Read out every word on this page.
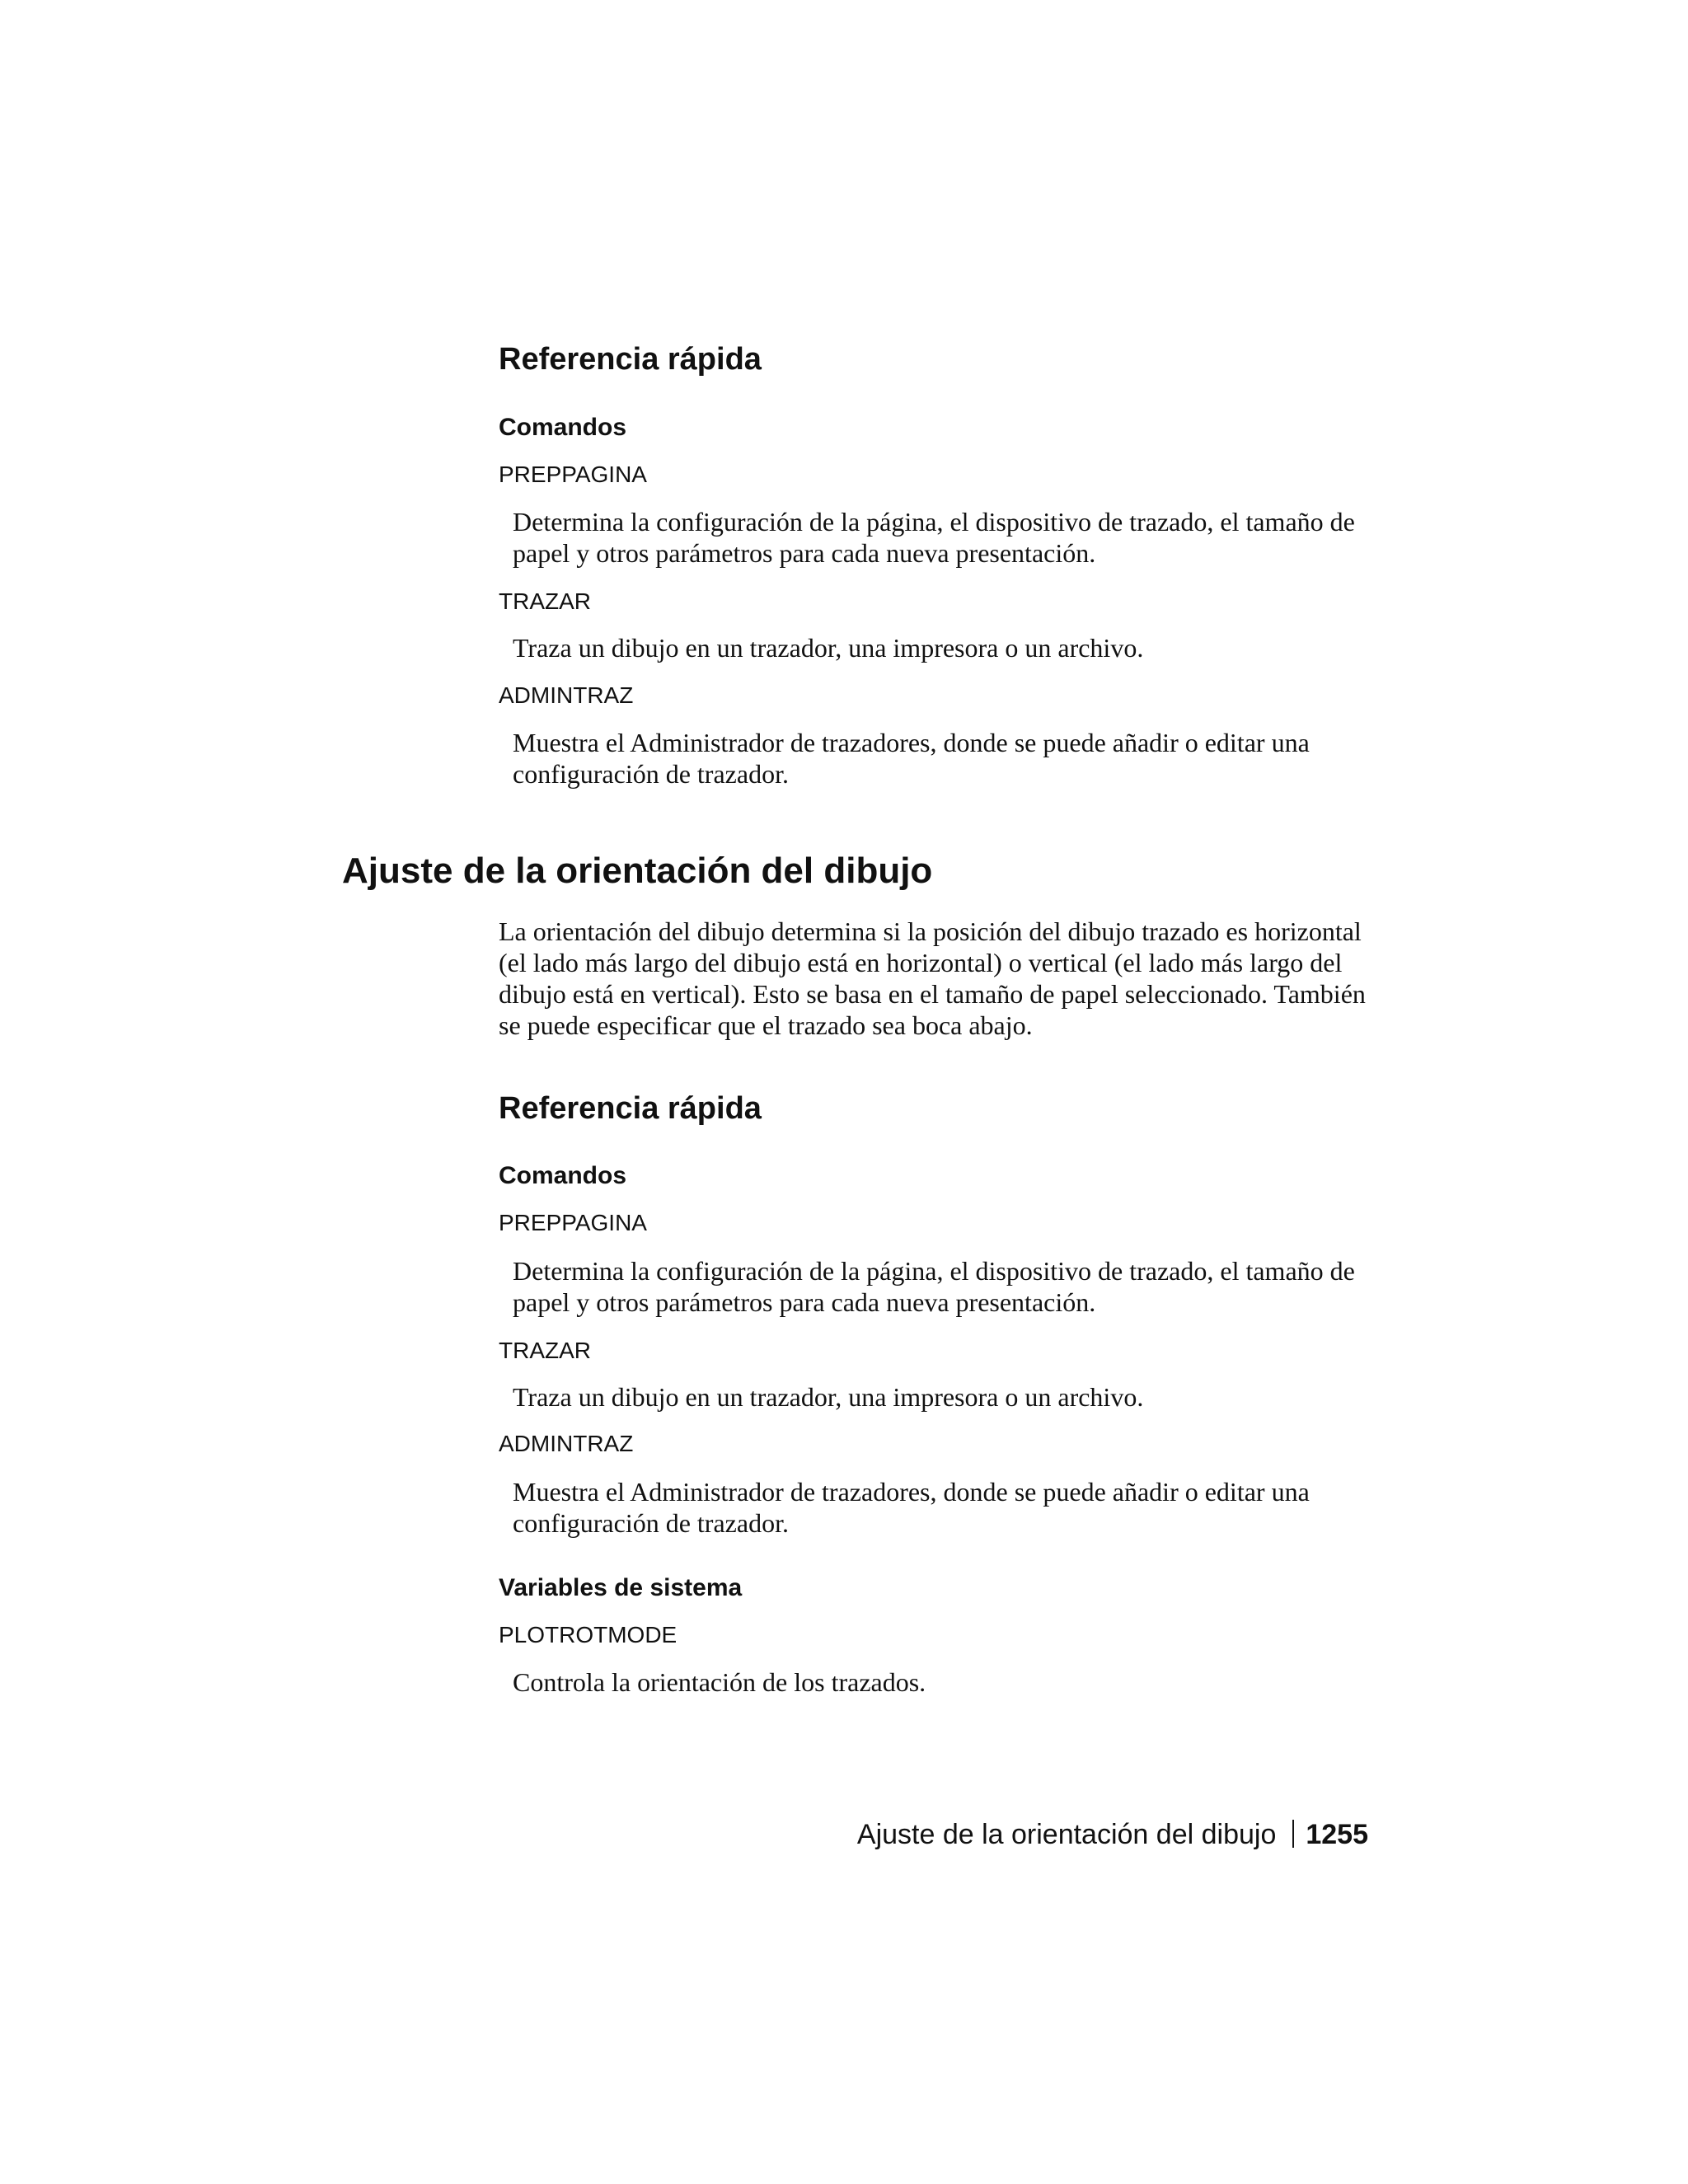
Referencia rápida
Comandos

PREPPAGINA

Determina la configuración de la página, el dispositivo de trazado, el tamaño de papel y otros parámetros para cada nueva presentación.

TRAZAR

Traza un dibujo en un trazador, una impresora o un archivo.

ADMINTRAZ

Muestra el Administrador de trazadores, donde se puede añadir o editar una configuración de trazador.

Ajuste de la orientación del dibujo

La orientación del dibujo determina si la posición del dibujo trazado es horizontal (el lado más largo del dibujo está en horizontal) o vertical (el lado más largo del dibujo está en vertical). Esto se basa en el tamaño de papel seleccionado. También se puede especificar que el trazado sea boca abajo.

Referencia rápida
Comandos

PREPPAGINA

Determina la configuración de la página, el dispositivo de trazado, el tamaño de papel y otros parámetros para cada nueva presentación.

TRAZAR

Traza un dibujo en un trazador, una impresora o un archivo.

ADMINTRAZ

Muestra el Administrador de trazadores, donde se puede añadir o editar una configuración de trazador.

Variables de sistema

PLOTROTMODE

Controla la orientación de los trazados.

Ajuste de la orientación del dibujo 1255
